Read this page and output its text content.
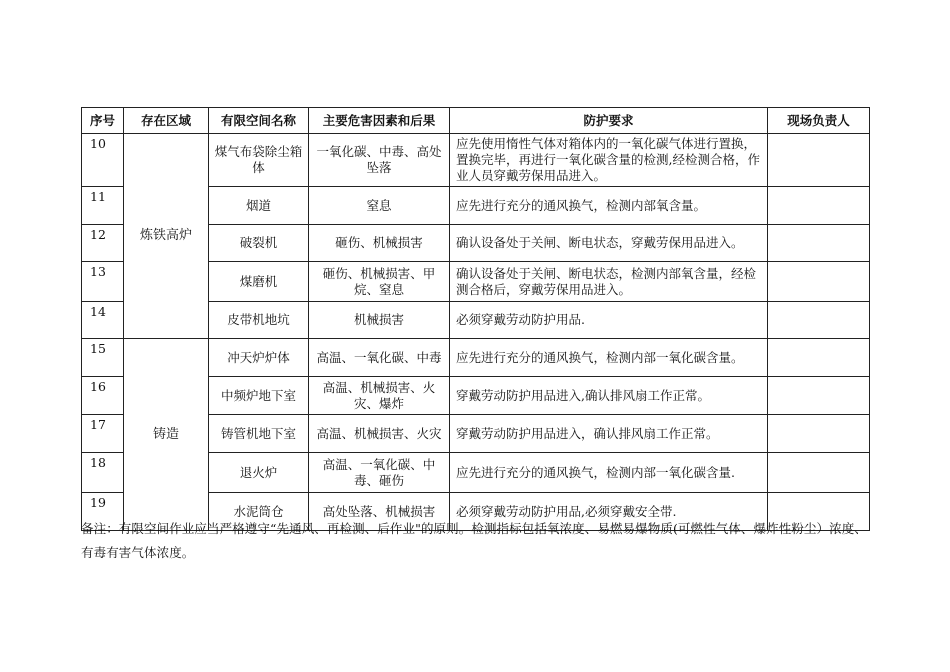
序号	存在区域	有限空间名称	主要危害因素和后果	防护要求	现场负责人
10	炼铁高炉	煤气布袋除尘箱体	一氧化碳、中毒、高处坠落	应先使用惰性气体对箱体内的一氧化碳气体进行置换，置换完毕，再进行一氧化碳含量的检测,经检测合格，作业人员穿戴劳保用品进入。	
11		烟道	窒息	应先进行充分的通风换气，检测内部氧含量。	
12		破裂机	砸伤、机械损害	确认设备处于关闸、断电状态，穿戴劳保用品进入。	
13		煤磨机	砸伤、机械损害、甲烷、窒息	确认设备处于关闸、断电状态，检测内部氧含量，经检测合格后，穿戴劳保用品进入。	
14		皮带机地坑	机械损害	必须穿戴劳动防护用品.	
15	铸造	冲天炉炉体	高温、一氧化碳、中毒	应先进行充分的通风换气，检测内部一氧化碳含量。	
16		中频炉地下室	高温、机械损害、火灾、爆炸	穿戴劳动防护用品进入,确认排风扇工作正常。	
17		铸管机地下室	高温、机械损害、火灾	穿戴劳动防护用品进入，确认排风扇工作正常。	
18		退火炉	高温、一氧化碳、中毒、砸伤	应先进行充分的通风换气，检测内部一氧化碳含量.	
19		水泥筒仓	高处坠落、机械损害	必须穿戴劳动防护用品,必须穿戴安全带.	
备注：有限空间作业应当严格遵守“先通风、再检测、后作业"的原则。检测指标包括氧浓度、易燃易爆物质(可燃性气体、爆炸性粉尘）浓度、有毒有害气体浓度。
